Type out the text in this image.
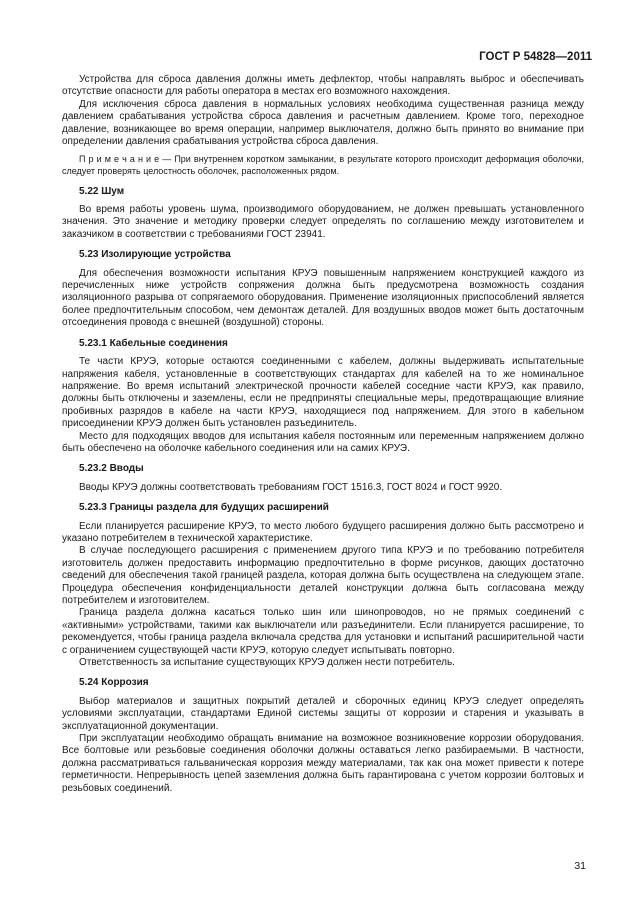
ГОСТ Р 54828—2011

Устройства для сброса давления должны иметь дефлектор, чтобы направлять выброс и обеспечивать отсутствие опасности для работы оператора в местах его возможного нахождения.

Для исключения сброса давления в нормальных условиях необходима существенная разница между давлением срабатывания устройства сброса давления и расчетным давлением. Кроме того, переходное давление, возникающее во время операции, например выключателя, должно быть принято во внимание при определении давления срабатывания устройства сброса давления.

П р и м е ч а н и е — При внутреннем коротком замыкании, в результате которого происходит деформация оболочки, следует проверять целостность оболочек, расположенных рядом.

5.22 Шум

Во время работы уровень шума, производимого оборудованием, не должен превышать установленного значения. Это значение и методику проверки следует определять по соглашению между изготовителем и заказчиком в соответствии с требованиями ГОСТ 23941.

5.23 Изолирующие устройства

Для обеспечения возможности испытания КРУЭ повышенным напряжением конструкцией каждого из перечисленных ниже устройств сопряжения должна быть предусмотрена возможность создания изоляционного разрыва от сопрягаемого оборудования. Применение изоляционных приспособлений является более предпочтительным способом, чем демонтаж деталей. Для воздушных вводов может быть достаточным отсоединения провода с внешней (воздушной) стороны.

5.23.1 Кабельные соединения

Те части КРУЭ, которые остаются соединенными с кабелем, должны выдерживать испытательные напряжения кабеля, установленные в соответствующих стандартах для кабелей на то же номинальное напряжение. Во время испытаний электрической прочности кабелей соседние части КРУЭ, как правило, должны быть отключены и заземлены, если не предприняты специальные меры, предотвращающие влияние пробивных разрядов в кабеле на части КРУЭ, находящиеся под напряжением. Для этого в кабельном присоединении КРУЭ должен быть установлен разъединитель.

Место для подходящих вводов для испытания кабеля постоянным или переменным напряжением должно быть обеспечено на оболочке кабельного соединения или на самих КРУЭ.

5.23.2 Вводы

Вводы КРУЭ должны соответствовать требованиям ГОСТ 1516.3, ГОСТ 8024 и ГОСТ 9920.

5.23.3 Границы раздела для будущих расширений

Если планируется расширение КРУЭ, то место любого будущего расширения должно быть рассмотрено и указано потребителем в технической характеристике.

В случае последующего расширения с применением другого типа КРУЭ и по требованию потребителя изготовитель должен предоставить информацию предпочтительно в форме рисунков, дающих достаточно сведений для обеспечения такой границей раздела, которая должна быть осуществлена на следующем этапе. Процедура обеспечения конфиденциальности деталей конструкции должна быть согласована между потребителем и изготовителем.

Граница раздела должна касаться только шин или шинопроводов, но не прямых соединений с «активными» устройствами, такими как выключатели или разъединители. Если планируется расширение, то рекомендуется, чтобы граница раздела включала средства для установки и испытаний расширительной части с ограничением существующей части КРУЭ, которую следует испытывать повторно.

Ответственность за испытание существующих КРУЭ должен нести потребитель.

5.24 Коррозия

Выбор материалов и защитных покрытий деталей и сборочных единиц КРУЭ следует определять условиями эксплуатации, стандартами Единой системы защиты от коррозии и старения и указывать в эксплуатационной документации.

При эксплуатации необходимо обращать внимание на возможное возникновение коррозии оборудования. Все болтовые или резьбовые соединения оболочки должны оставаться легко разбираемыми. В частности, должна рассматриваться гальваническая коррозия между материалами, так как она может привести к потере герметичности. Непрерывность цепей заземления должна быть гарантирована с учетом коррозии болтовых и резьбовых соединений.

31
